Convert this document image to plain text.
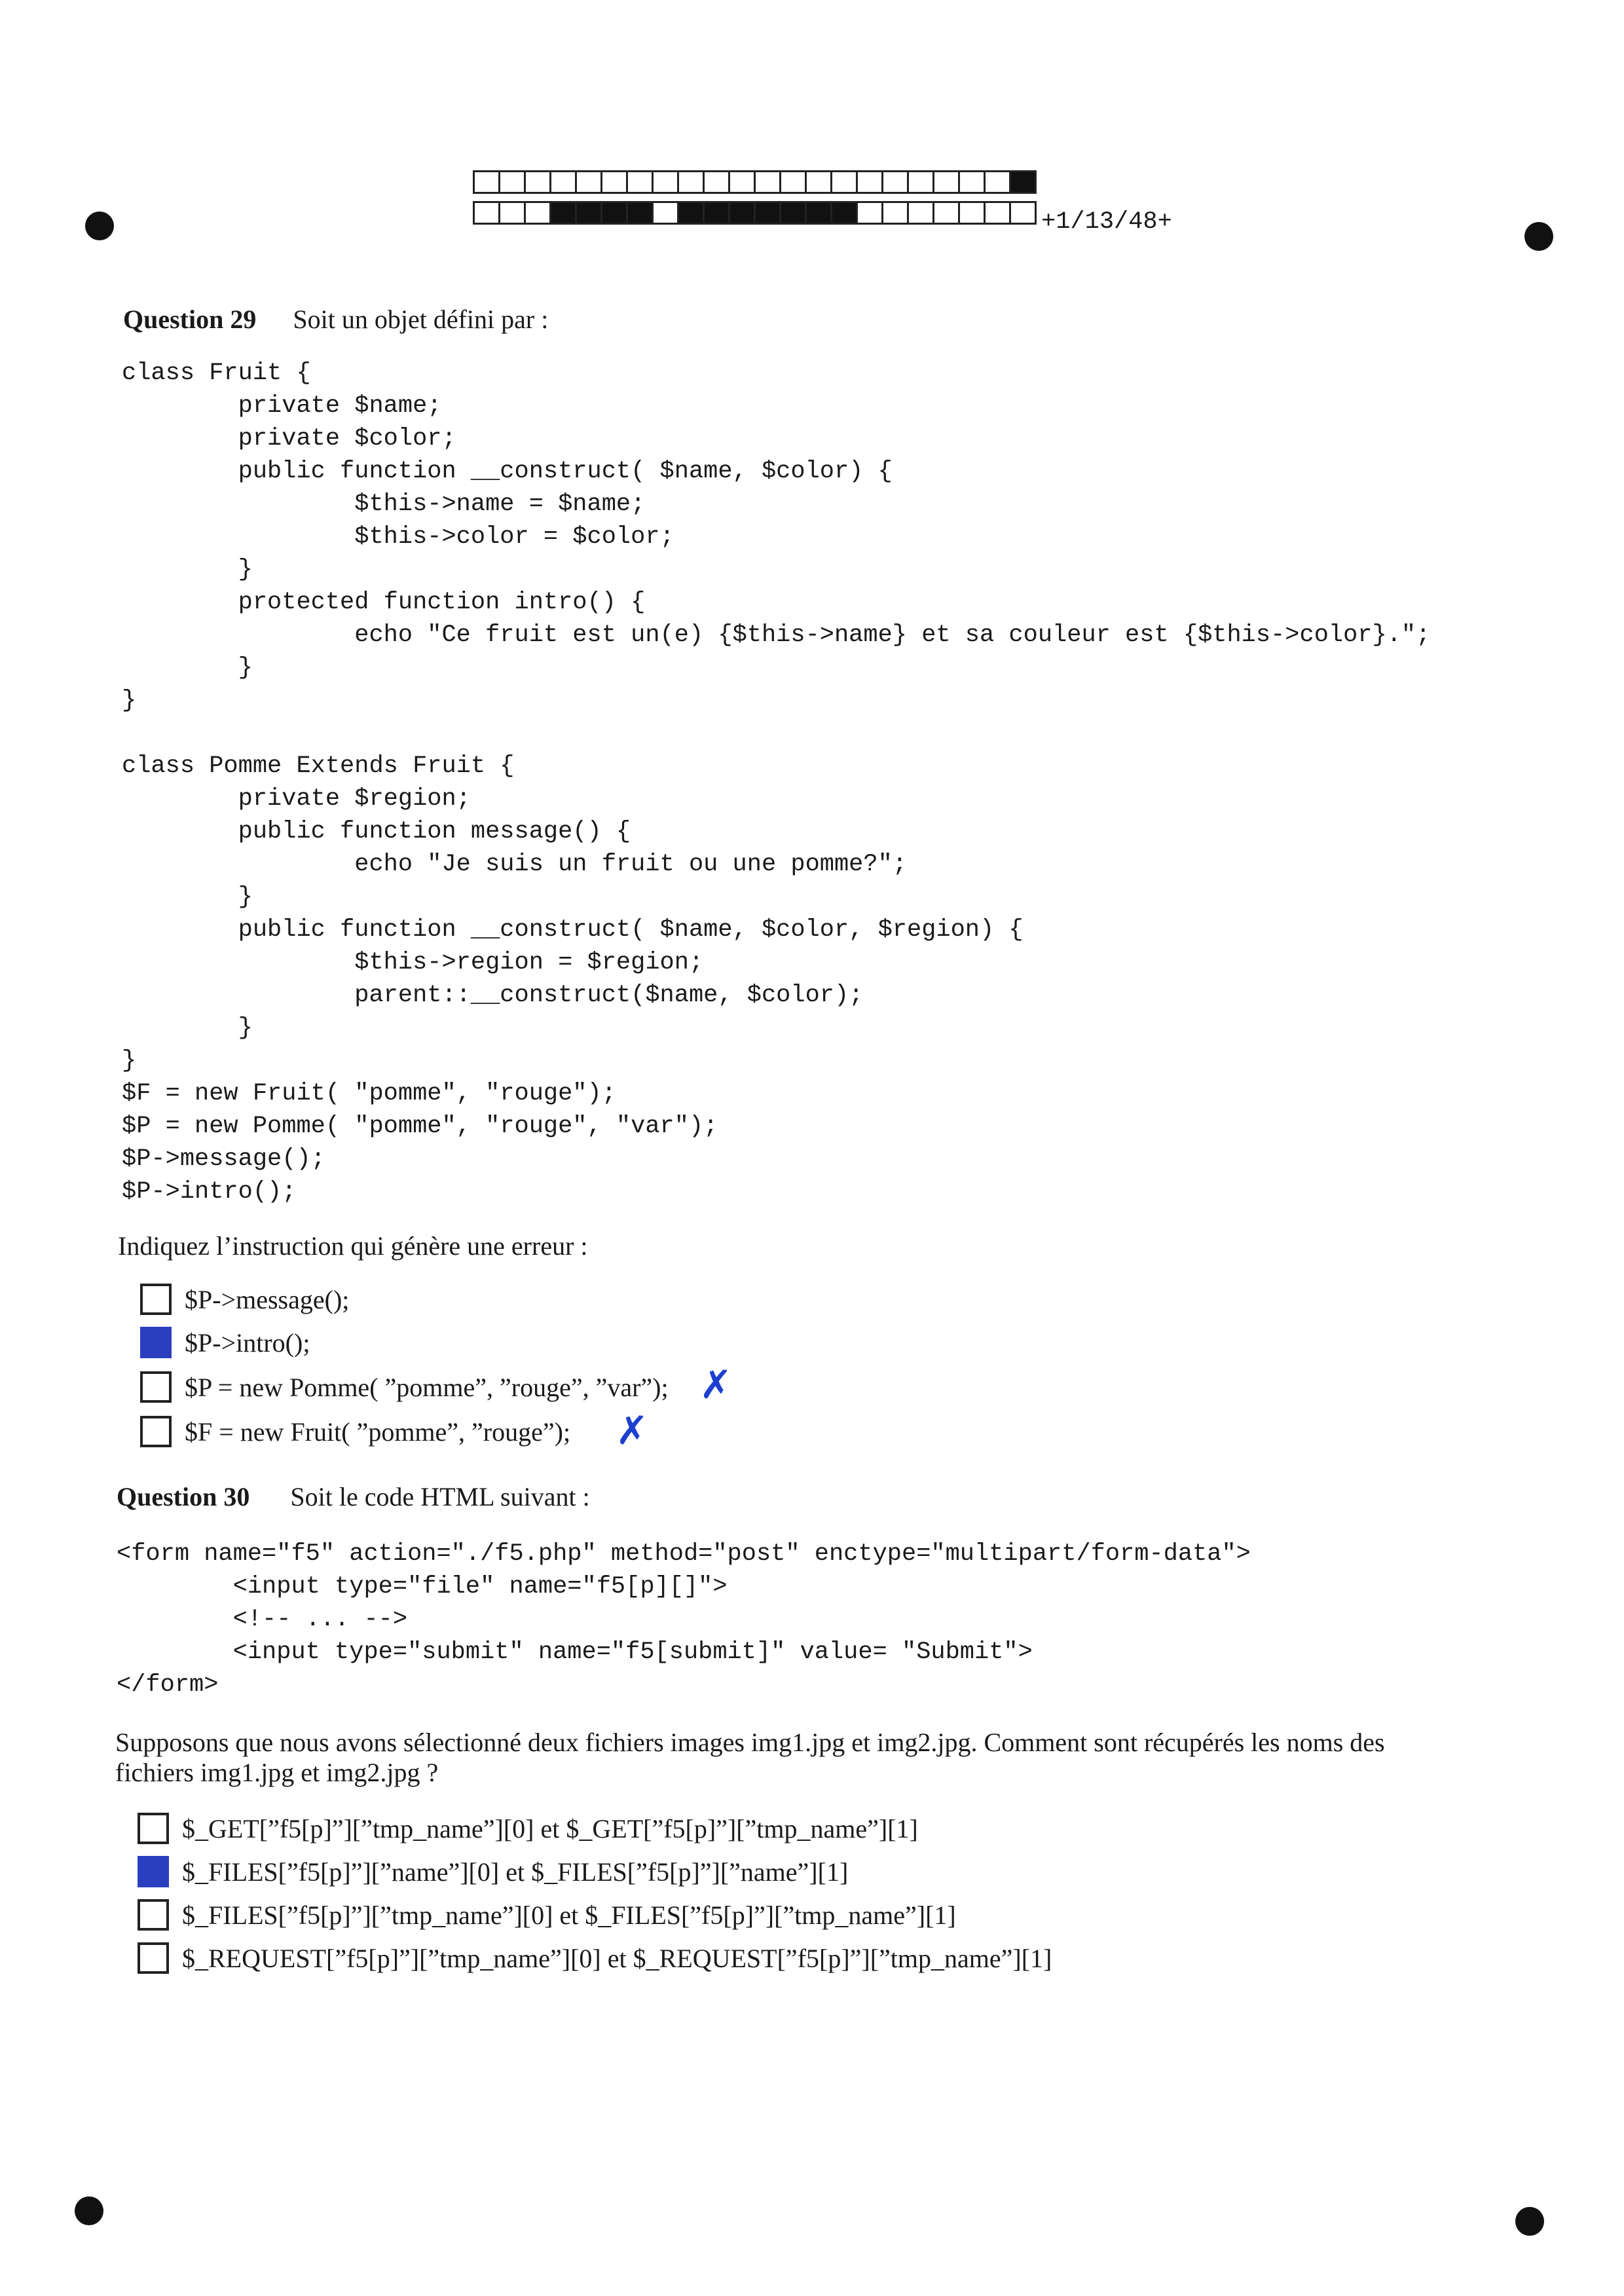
+1/13/48+
Question 29 Soit un objet défini par :
class Fruit {
private $name;
private $color;
public function __construct( $name, $color) {
$this->name = $name;
$this->color = $color;
}
protected function intro() {
echo "Ce fruit est un(e) {$this->name} et sa couleur est {$this->color}.";
}
}

class Pomme Extends Fruit {
private $region;
public function message() {
echo "Je suis un fruit ou une pomme?";
}
public function __construct( $name, $color, $region) {
$this->region = $region;
parent::__construct($name, $color);
}
}
$F = new Fruit( "pomme", "rouge");
$P = new Pomme( "pomme", "rouge", "var");
$P->message();
$P->intro();
Indiquez l’instruction qui génère une erreur :
$P->message();
$P->intro();
$P = new Pomme( ”pomme”, ”rouge”, ”var”); ✗
$F = new Fruit( ”pomme”, ”rouge”); ✗
Question 30 Soit le code HTML suivant :
<form name="f5" action="./f5.php" method="post" enctype="multipart/form-data">
<input type="file" name="f5[p][]">
<!-- ... -->
<input type="submit" name="f5[submit]" value= "Submit">
</form>
Supposons que nous avons sélectionné deux fichiers images img1.jpg et img2.jpg. Comment sont récupérés les noms des
fichiers img1.jpg et img2.jpg ?
$_GET[”f5[p]”][”tmp_name”][0] et $_GET[”f5[p]”][”tmp_name”][1]
$_FILES[”f5[p]”][”name”][0] et $_FILES[”f5[p]”][”name”][1]
$_FILES[”f5[p]”][”tmp_name”][0] et $_FILES[”f5[p]”][”tmp_name”][1]
$_REQUEST[”f5[p]”][”tmp_name”][0] et $_REQUEST[”f5[p]”][”tmp_name”][1]
